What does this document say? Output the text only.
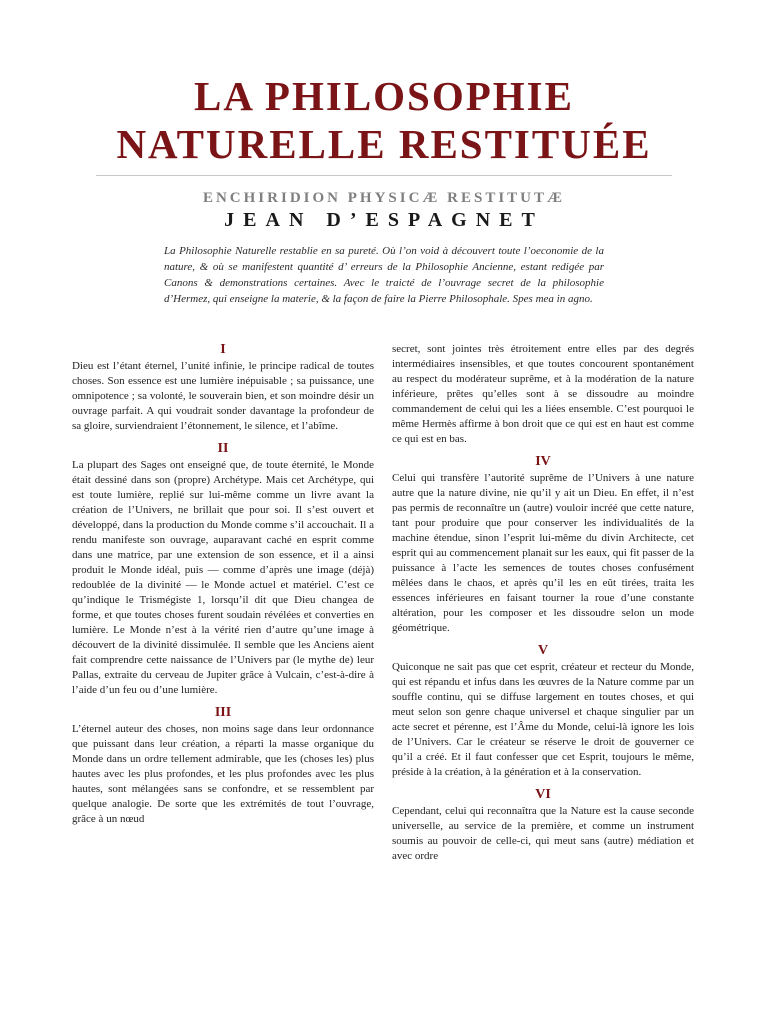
LA PHILOSOPHIE
NATURELLE RESTITUÉE
ENCHIRIDION PHYSICÆ RESTITUTÆ
JEAN D’ESPAGNET
La Philosophie Naturelle restablie en sa pureté. Où l’on void à découvert toute l’oeconomie de la nature, & où se manifestent quantité d’ erreurs de la Philosophie Ancienne, estant redigée par Canons & demonstrations certaines. Avec le traicté de l’ouvrage secret de la philosophie d’Hermez, qui enseigne la materie, & la façon de faire la Pierre Philosophale. Spes mea in agno.
I

Dieu est l’étant éternel, l’unité infinie, le principe radical de toutes choses. Son essence est une lumière inépuisable ; sa puissance, une omnipotence ; sa volonté, le souverain bien, et son moindre désir un ouvrage parfait. A qui voudrait sonder davantage la profondeur de sa gloire, surviendraient l’étonnement, le silence, et l’abîme.

II

La plupart des Sages ont enseigné que, de toute éternité, le Monde était dessiné dans son (propre) Archétype. Mais cet Archétype, qui est toute lumière, replié sur lui-même comme un livre avant la création de l’Univers, ne brillait que pour soi. Il s’est ouvert et développé, dans la production du Monde comme s’il accouchait. Il a rendu manifeste son ouvrage, auparavant caché en esprit comme dans une matrice, par une extension de son essence, et il a ainsi produit le Monde idéal, puis — comme d’après une image (déjà) redoublée de la divinité — le Monde actuel et matériel. C’est ce qu’indique le Trismégiste 1, lorsqu’il dit que Dieu changea de forme, et que toutes choses furent soudain révélées et converties en lumière. Le Monde n’est à la vérité rien d’autre qu’une image à découvert de la divinité dissimulée. Il semble que les Anciens aient fait comprendre cette naissance de l’Univers par (le mythe de) leur Pallas, extraite du cerveau de Jupiter grâce à Vulcain, c’est-à-dire à l’aide d’un feu ou d’une lumière.

III

L’éternel auteur des choses, non moins sage dans leur ordonnance que puissant dans leur création, a réparti la masse organique du Monde dans un ordre tellement admirable, que les (choses les) plus hautes avec les plus profondes, et les plus profondes avec les plus hautes, sont mélangées sans se confondre, et se ressemblent par quelque analogie. De sorte que les extrémités de tout l’ouvrage, grâce à un nœud

secret, sont jointes très étroitement entre elles par des degrés intermédiaires insensibles, et que toutes concourent spontanément au respect du modérateur suprême, et à la modération de la nature inférieure, prêtes qu’elles sont à se dissoudre au moindre commandement de celui qui les a liées ensemble. C’est pourquoi le même Hermès affirme à bon droit que ce qui est en haut est comme ce qui est en bas.

IV

Celui qui transfère l’autorité suprême de l’Univers à une nature autre que la nature divine, nie qu’il y ait un Dieu. En effet, il n’est pas permis de reconnaître un (autre) vouloir incréé que cette nature, tant pour produire que pour conserver les individualités de la machine étendue, sinon l’esprit lui-même du divin Architecte, cet esprit qui au commencement planait sur les eaux, qui fit passer de la puissance à l’acte les semences de toutes choses confusément mêlées dans le chaos, et après qu’il les en eût tirées, traita les essences inférieures en faisant tourner la roue d’une constante altération, pour les composer et les dissoudre selon un mode géométrique.

V

Quiconque ne sait pas que cet esprit, créateur et recteur du Monde, qui est répandu et infus dans les œuvres de la Nature comme par un souffle continu, qui se diffuse largement en toutes choses, et qui meut selon son genre chaque universel et chaque singulier par un acte secret et pérenne, est l’Âme du Monde, celui-là ignore les lois de l’Univers. Car le créateur se réserve le droit de gouverner ce qu’il a créé. Et il faut confesser que cet Esprit, toujours le même, préside à la création, à la génération et à la conservation.

VI

Cependant, celui qui reconnaîtra que la Nature est la cause seconde universelle, au service de la première, et comme un instrument soumis au pouvoir de celle-ci, qui meut sans (autre) médiation et avec ordre
